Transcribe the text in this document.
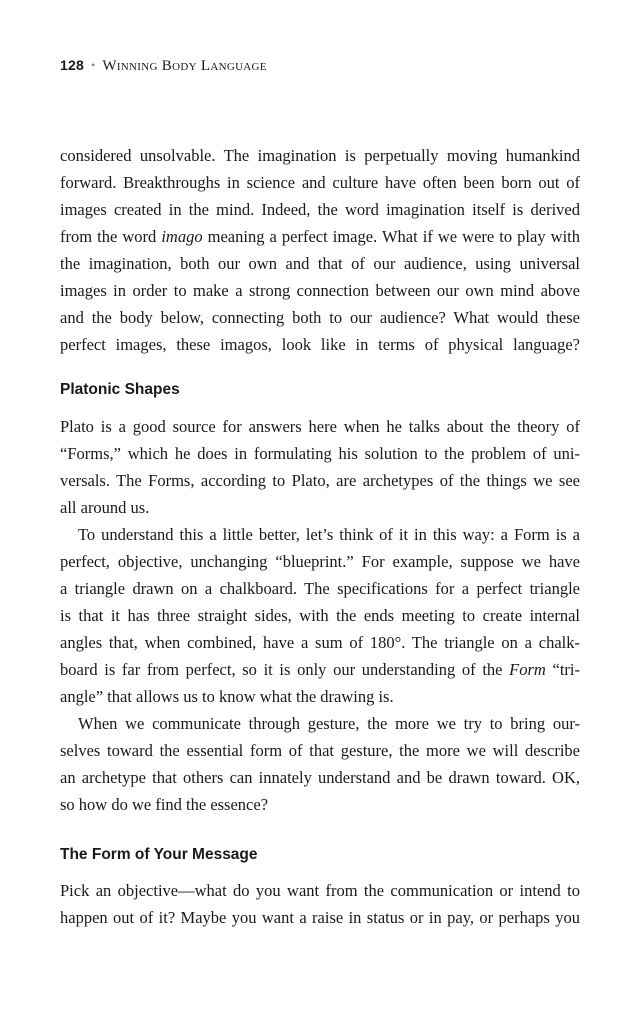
128 • Winning Body Language
considered unsolvable. The imagination is perpetually moving humankind
forward. Breakthroughs in science and culture have often been born out of
images created in the mind. Indeed, the word imagination itself is derived
from the word imago meaning a perfect image. What if we were to play with
the imagination, both our own and that of our audience, using universal
images in order to make a strong connection between our own mind above
and the body below, connecting both to our audience? What would these
perfect images, these imagos, look like in terms of physical language?
Platonic Shapes
Plato is a good source for answers here when he talks about the theory of
“Forms,” which he does in formulating his solution to the problem of uni-
versals. The Forms, according to Plato, are archetypes of the things we see
all around us.
To understand this a little better, let’s think of it in this way: a Form is a
perfect, objective, unchanging “blueprint.” For example, suppose we have
a triangle drawn on a chalkboard. The specifications for a perfect triangle
is that it has three straight sides, with the ends meeting to create internal
angles that, when combined, have a sum of 180°. The triangle on a chalk-
board is far from perfect, so it is only our understanding of the Form “tri-
angle” that allows us to know what the drawing is.
When we communicate through gesture, the more we try to bring our-
selves toward the essential form of that gesture, the more we will describe
an archetype that others can innately understand and be drawn toward. OK,
so how do we find the essence?
The Form of Your Message
Pick an objective—what do you want from the communication or intend to
happen out of it? Maybe you want a raise in status or in pay, or perhaps you
